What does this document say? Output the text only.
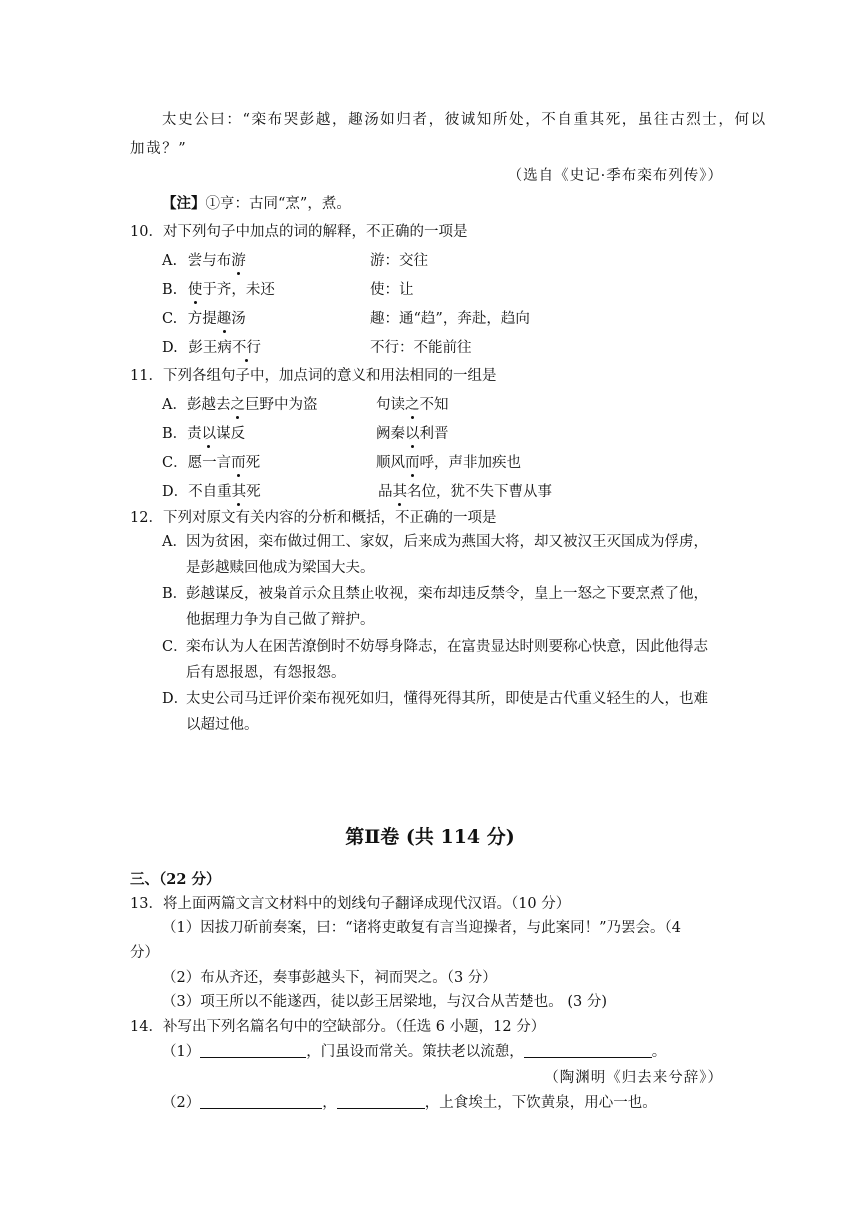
太史公曰：“栾布哭彭越，趣汤如归者，彼诚知所处，不自重其死，虽往古烈士，何以
加哉？”
（选自《史记·季布栾布列传》）
【注】①亨：古同“烹”，煮。
10．对下列句子中加点的词的解释，不正确的一项是
A. 尝与布游	游：交往
B. 使于齐，未还	使：让
C. 方提趣汤	趣：通“趋”，奔赴，趋向
D. 彭王病不行	不行：不能前往
11．下列各组句子中，加点词的意义和用法相同的一组是
A．彭越去之巨野中为盗	句读之不知
B．责以谋反	阙秦以利晋
C．愿一言而死	顺风而呼，声非加疾也
D．不自重其死	品其名位，犹不失下曹从事
12．下列对原文有关内容的分析和概括，不正确的一项是
A． 因为贫困，栾布做过佣工、家奴，后来成为燕国大将，却又被汉王灭国成为俘虏，
是彭越赎回他成为梁国大夫。
B．
彭越谋反，被枭首示众且禁止收视，栾布却违反禁令，皇上一怒之下要烹煮了他，
他据理力争为自己做了辩护。
C．
栾布认为人在困苦潦倒时不妨辱身降志，在富贵显达时则要称心快意，因此他得志
后有恩报恩，有怨报怨。
D．
太史公司马迁评价栾布视死如归，懂得死得其所，即使是古代重义轻生的人，也难
以超过他。
第Ⅱ卷 (共 114 分)
三、（22 分）
13．将上面两篇文言文材料中的划线句子翻译成现代汉语。（10 分）
（1）因拔刀斫前奏案，曰：“诸将吏敢复有言当迎操者，与此案同！”乃罢会。（4
分）
（2）布从齐还，奏事彭越头下，祠而哭之。（3 分）
（3）项王所以不能遂西，徒以彭王居梁地，与汉合从苦楚也。 (3 分)
14．补写出下列名篇名句中的空缺部分。（任选 6 小题，12 分）
（1）	，门虽设而常关。策扶老以流憩，	。
（陶渊明《归去来兮辞》）
（2）	，	，上食埃土，下饮黄泉，用心一也。
